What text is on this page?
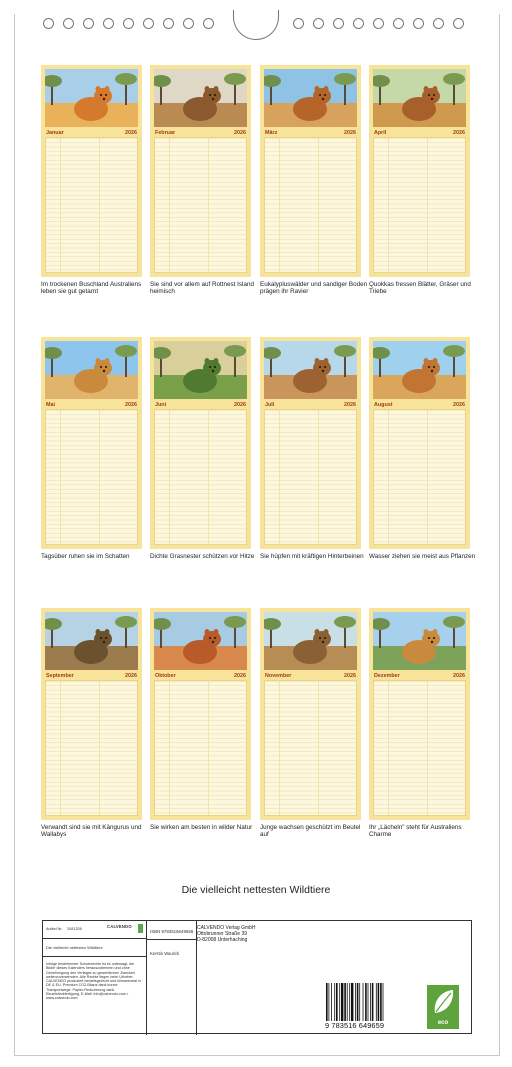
Januar	2026
Im trockenen Buschland Australiens leben sie gut getarnt
Februar	2026
Sie sind vor allem auf Rottnest Island heimisch
März	2026
Eukalypluswälder und sandiger Boden prägen ihr Ravier
April	2026
Quokkas fressen Blätter, Gräser und Triebe
Mai	2026
Tagsüber ruhen sie im Schatten
Juni	2026
Dichte Grasnester schützen vor Hitze
Juli	2026
Sie hüpfen mit kräftigen Hinterbeinen
August	2026
Wasser ziehen sie meist aus Pflanzen
September	2026
Verwandt sind sie mit Kängurus und Wallabys
Oktober	2026
Sie wirken am besten in wilder Natur
November	2026
Junge wachsen geschützt im Beutel auf
Dezember	2026
Ihr „Lächeln" steht für Australiens Charme
Die vielleicht nettesten Wildtiere
Artikel Nr. 2081326	CALVENDO
Die vielleicht nettesten Wildtiere
Infolge bestehender Schutzrechte ist es untersagt, die Bilder dieses Kalenders herauszutrennen und ohne Genehmigung des Verlages zu gewerblichen Zwecken weiterzuverwenden. Alle Rechte liegen beim Urheber. CALVENDO produziert bedarfsgerecht und klimaneutral in DE & EU. Premium CO2-Bilanz dank kurzer Transportwege. Papier-Reduzierung dank Einzelstückfertigung. E-Mail: info@calvendo.com • www.calvendo.com
ISBN 9783516649659
Kerstin Waurick
CALVENDO Verlag GmbH
Ottobrunner Straße 39
D-82008 Unterhaching
9 783516 649659	eco
